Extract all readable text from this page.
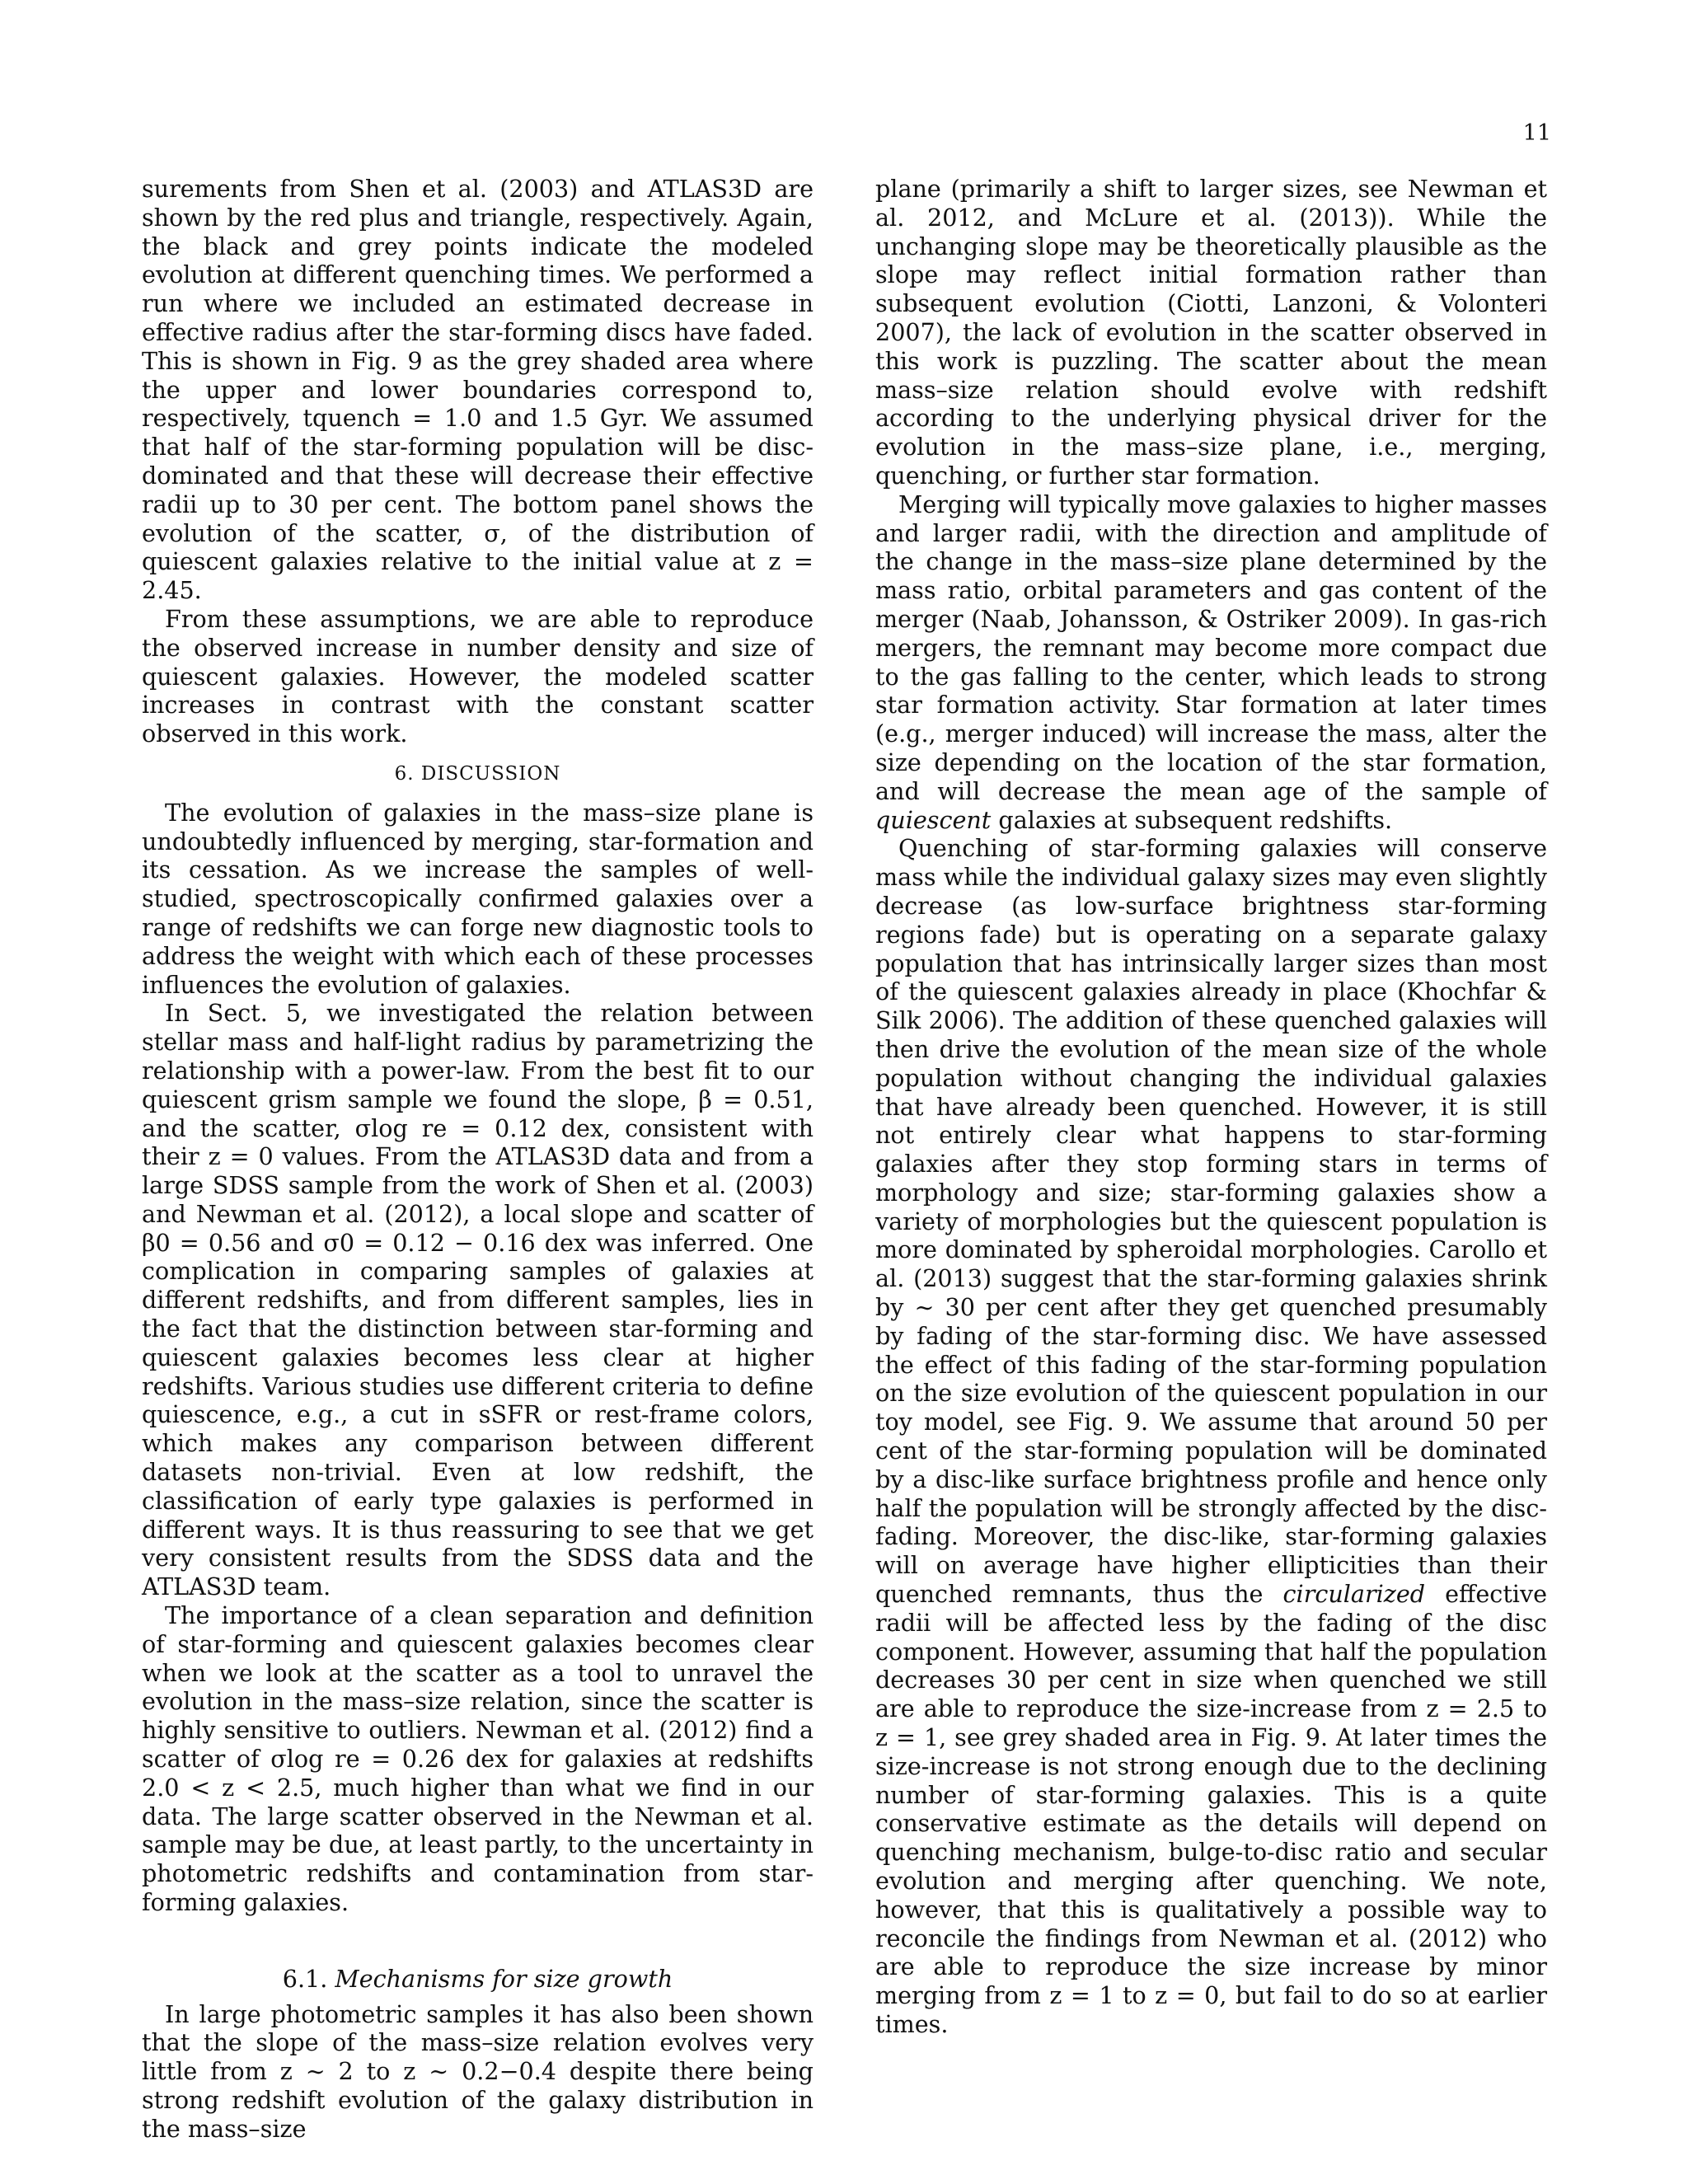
11

surements from Shen et al. (2003) and ATLAS3D are shown by the red plus and triangle, respectively. Again, the black and grey points indicate the modeled evolution at different quenching times. We performed a run where we included an estimated decrease in effective radius after the star-forming discs have faded. This is shown in Fig. 9 as the grey shaded area where the upper and lower boundaries correspond to, respectively, tquench = 1.0 and 1.5 Gyr. We assumed that half of the star-forming population will be disc-dominated and that these will decrease their effective radii up to 30 per cent. The bottom panel shows the evolution of the scatter, σ, of the distribution of quiescent galaxies relative to the initial value at z = 2.45.

From these assumptions, we are able to reproduce the observed increase in number density and size of quiescent galaxies. However, the modeled scatter increases in contrast with the constant scatter observed in this work.

6. DISCUSSION

The evolution of galaxies in the mass–size plane is undoubtedly influenced by merging, star-formation and its cessation. As we increase the samples of well-studied, spectroscopically confirmed galaxies over a range of redshifts we can forge new diagnostic tools to address the weight with which each of these processes influences the evolution of galaxies.

In Sect. 5, we investigated the relation between stellar mass and half-light radius by parametrizing the relationship with a power-law. From the best fit to our quiescent grism sample we found the slope, β = 0.51, and the scatter, σlog re = 0.12 dex, consistent with their z = 0 values. From the ATLAS3D data and from a large SDSS sample from the work of Shen et al. (2003) and Newman et al. (2012), a local slope and scatter of β0 = 0.56 and σ0 = 0.12 − 0.16 dex was inferred. One complication in comparing samples of galaxies at different redshifts, and from different samples, lies in the fact that the distinction between star-forming and quiescent galaxies becomes less clear at higher redshifts. Various studies use different criteria to define quiescence, e.g., a cut in sSFR or rest-frame colors, which makes any comparison between different datasets non-trivial. Even at low redshift, the classification of early type galaxies is performed in different ways. It is thus reassuring to see that we get very consistent results from the SDSS data and the ATLAS3D team.

The importance of a clean separation and definition of star-forming and quiescent galaxies becomes clear when we look at the scatter as a tool to unravel the evolution in the mass–size relation, since the scatter is highly sensitive to outliers. Newman et al. (2012) find a scatter of σlog re = 0.26 dex for galaxies at redshifts 2.0 < z < 2.5, much higher than what we find in our data. The large scatter observed in the Newman et al. sample may be due, at least partly, to the uncertainty in photometric redshifts and contamination from star-forming galaxies.

6.1. Mechanisms for size growth

In large photometric samples it has also been shown that the slope of the mass–size relation evolves very little from z ∼ 2 to z ∼ 0.2−0.4 despite there being strong redshift evolution of the galaxy distribution in the mass–size

plane (primarily a shift to larger sizes, see Newman et al. 2012, and McLure et al. (2013)). While the unchanging slope may be theoretically plausible as the slope may reflect initial formation rather than subsequent evolution (Ciotti, Lanzoni, & Volonteri 2007), the lack of evolution in the scatter observed in this work is puzzling. The scatter about the mean mass–size relation should evolve with redshift according to the underlying physical driver for the evolution in the mass–size plane, i.e., merging, quenching, or further star formation.

Merging will typically move galaxies to higher masses and larger radii, with the direction and amplitude of the change in the mass–size plane determined by the mass ratio, orbital parameters and gas content of the merger (Naab, Johansson, & Ostriker 2009). In gas-rich mergers, the remnant may become more compact due to the gas falling to the center, which leads to strong star formation activity. Star formation at later times (e.g., merger induced) will increase the mass, alter the size depending on the location of the star formation, and will decrease the mean age of the sample of quiescent galaxies at subsequent redshifts.

Quenching of star-forming galaxies will conserve mass while the individual galaxy sizes may even slightly decrease (as low-surface brightness star-forming regions fade) but is operating on a separate galaxy population that has intrinsically larger sizes than most of the quiescent galaxies already in place (Khochfar & Silk 2006). The addition of these quenched galaxies will then drive the evolution of the mean size of the whole population without changing the individual galaxies that have already been quenched. However, it is still not entirely clear what happens to star-forming galaxies after they stop forming stars in terms of morphology and size; star-forming galaxies show a variety of morphologies but the quiescent population is more dominated by spheroidal morphologies. Carollo et al. (2013) suggest that the star-forming galaxies shrink by ∼ 30 per cent after they get quenched presumably by fading of the star-forming disc. We have assessed the effect of this fading of the star-forming population on the size evolution of the quiescent population in our toy model, see Fig. 9. We assume that around 50 per cent of the star-forming population will be dominated by a disc-like surface brightness profile and hence only half the population will be strongly affected by the disc-fading. Moreover, the disc-like, star-forming galaxies will on average have higher ellipticities than their quenched remnants, thus the circularized effective radii will be affected less by the fading of the disc component. However, assuming that half the population decreases 30 per cent in size when quenched we still are able to reproduce the size-increase from z = 2.5 to z = 1, see grey shaded area in Fig. 9. At later times the size-increase is not strong enough due to the declining number of star-forming galaxies. This is a quite conservative estimate as the details will depend on quenching mechanism, bulge-to-disc ratio and secular evolution and merging after quenching. We note, however, that this is qualitatively a possible way to reconcile the findings from Newman et al. (2012) who are able to reproduce the size increase by minor merging from z = 1 to z = 0, but fail to do so at earlier times.
